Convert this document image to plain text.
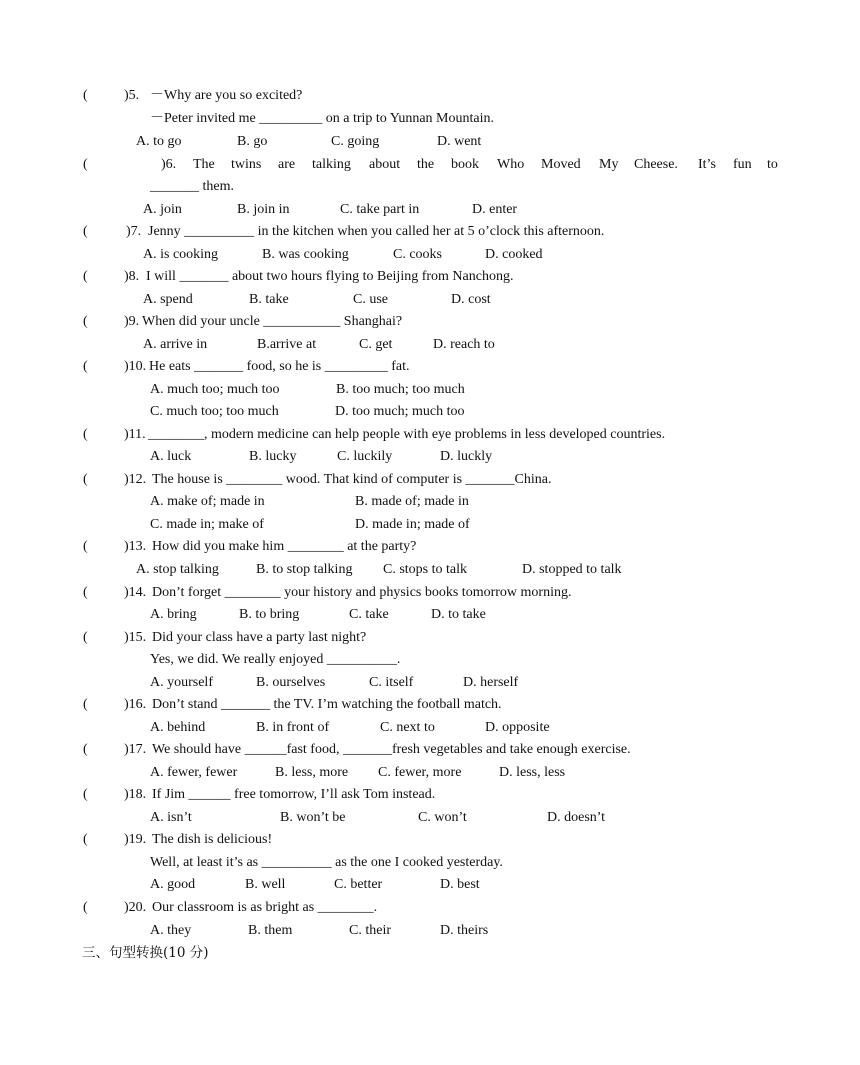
(	)5. －Why are you so excited?
－Peter invited me _________ on a trip to Yunnan Mountain.
A. to go	B. go	C. going	D. went
(	)6. The twins are talking about the book Who Moved My Cheese. It’s fun to
_______ them.
A. join	B. join in	C. take part in	D. enter
(	)7. Jenny __________ in the kitchen when you called her at 5 o’clock this afternoon.
A. is cooking	B. was cooking	C. cooks	D. cooked
(	)8. I will _______ about two hours flying to Beijing from Nanchong.
A. spend	B. take	C. use	D. cost
(	)9. When did your uncle ___________ Shanghai?
A. arrive in	B.arrive at	C. get	D. reach to
(	)10. He eats _______ food, so he is _________ fat.
A. much too; much too	B. too much; too much
C. much too; too much	D. too much; much too
(	)11. ________, modern medicine can help people with eye problems in less developed countries.
A. luck	B. lucky	C. luckily	D. luckly
(	)12. The house is ________ wood. That kind of computer is _______China.
A. make of; made in	B. made of; made in
C. made in; make of	D. made in; made of
(	)13. How did you make him ________ at the party?
A. stop talking	B. to stop talking C. stops to talk	D. stopped to talk
(	)14. Don’t forget ________ your history and physics books tomorrow morning.
A. bring	B. to bring	C. take	D. to take
(	)15. Did your class have a party last night?
Yes, we did. We really enjoyed __________.
A. yourself	B. ourselves	C. itself	D. herself
(	)16. Don’t stand _______ the TV. I’m watching the football match.
A. behind	B. in front of	C. next to	D. opposite
(	)17. We should have ______fast food, _______fresh vegetables and take enough exercise.
A. fewer, fewer	B. less, more C. fewer, more	D. less, less
(	)18. If Jim ______ free tomorrow, I’ll ask Tom instead.
A. isn’t	B. won’t be	C. won’t	D. doesn’t
(	)19. The dish is delicious!
Well, at least it’s as __________ as the one I cooked yesterday.
A. good	B. well	C. better	D. best
(	)20. Our classroom is as bright as ________.
A. they	B. them	C. their	D. theirs
三、句型转换(10 分)
